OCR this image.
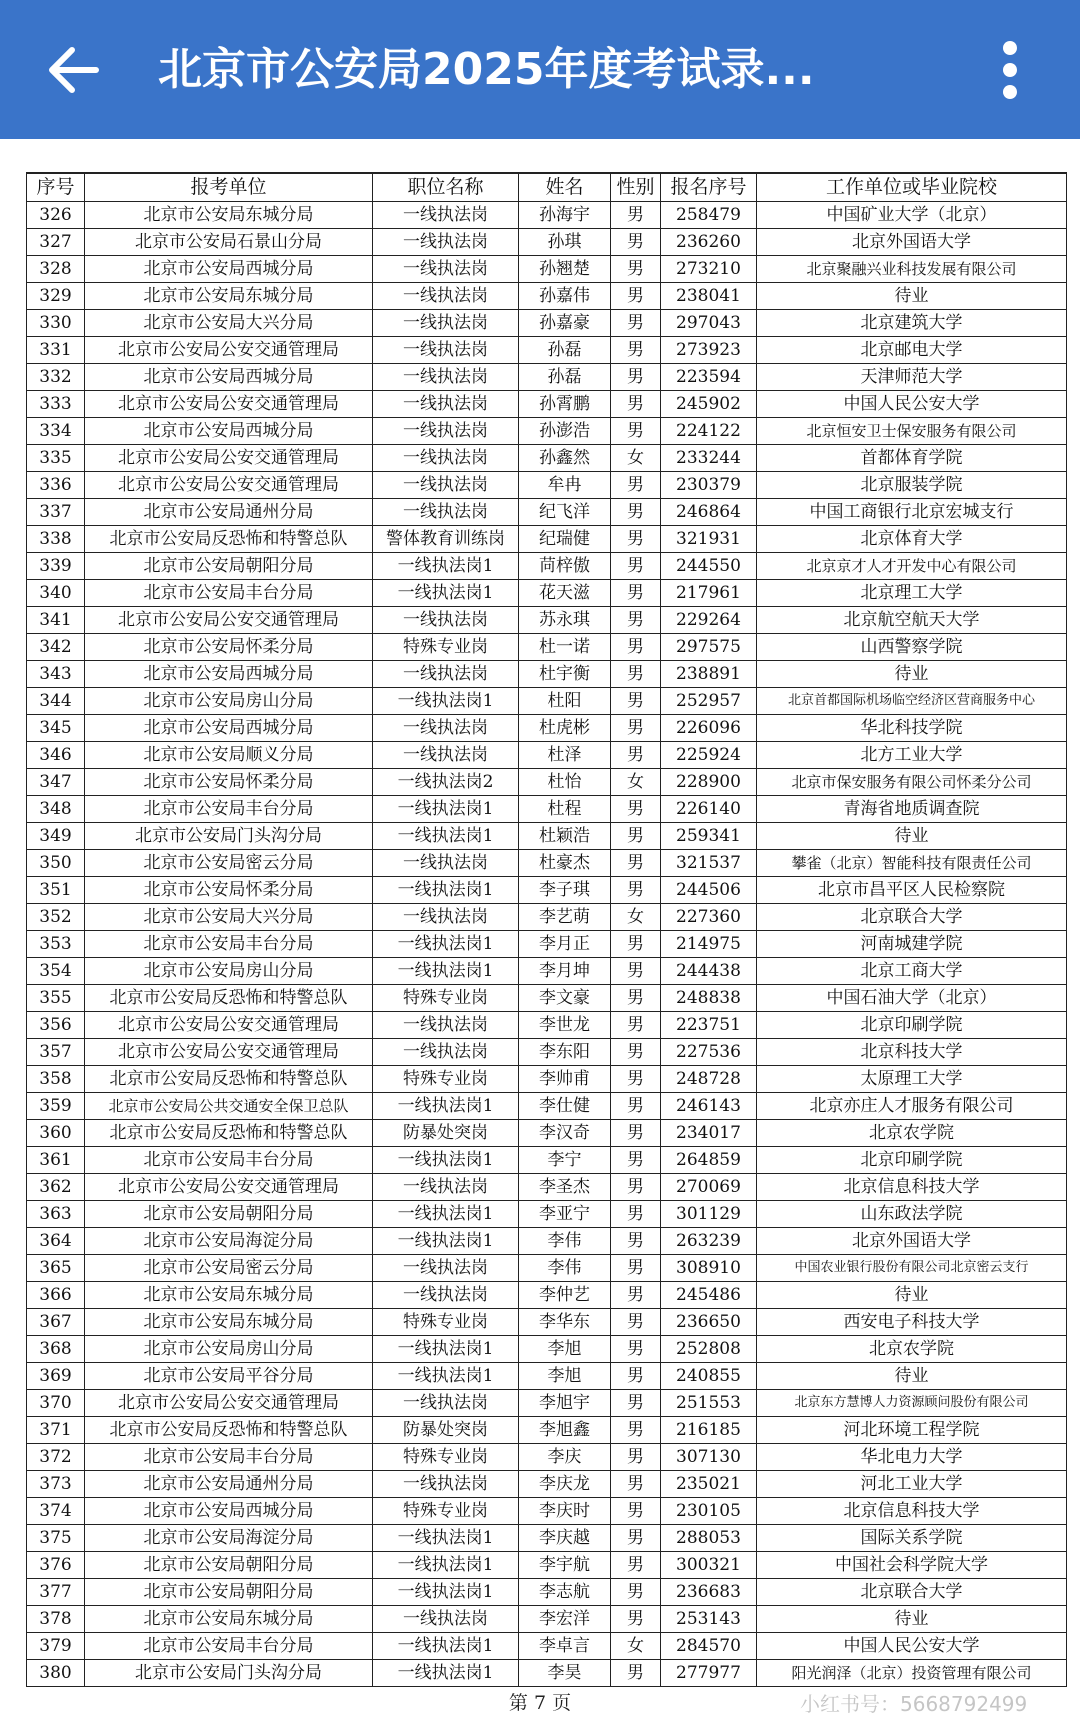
北京市公安局2025年度考试录...
序号	报考单位	职位名称	姓名	性别	报名序号	工作单位或毕业院校
326	北京市公安局东城分局	一线执法岗	孙海宇	男	258479	中国矿业大学（北京）
327	北京市公安局石景山分局	一线执法岗	孙琪	男	236260	北京外国语大学
328	北京市公安局西城分局	一线执法岗	孙翘楚	男	273210	北京聚融兴业科技发展有限公司
329	北京市公安局东城分局	一线执法岗	孙嘉伟	男	238041	待业
330	北京市公安局大兴分局	一线执法岗	孙嘉豪	男	297043	北京建筑大学
331	北京市公安局公安交通管理局	一线执法岗	孙磊	男	273923	北京邮电大学
332	北京市公安局西城分局	一线执法岗	孙磊	男	223594	天津师范大学
333	北京市公安局公安交通管理局	一线执法岗	孙霄鹏	男	245902	中国人民公安大学
334	北京市公安局西城分局	一线执法岗	孙澎浩	男	224122	北京恒安卫士保安服务有限公司
335	北京市公安局公安交通管理局	一线执法岗	孙鑫然	女	233244	首都体育学院
336	北京市公安局公安交通管理局	一线执法岗	牟冉	男	230379	北京服装学院
337	北京市公安局通州分局	一线执法岗	纪飞洋	男	246864	中国工商银行北京宏城支行
338	北京市公安局反恐怖和特警总队	警体教育训练岗	纪瑞健	男	321931	北京体育大学
339	北京市公安局朝阳分局	一线执法岗1	苘梓傲	男	244550	北京京才人才开发中心有限公司
340	北京市公安局丰台分局	一线执法岗1	花天滋	男	217961	北京理工大学
341	北京市公安局公安交通管理局	一线执法岗	苏永琪	男	229264	北京航空航天大学
342	北京市公安局怀柔分局	特殊专业岗	杜一诺	男	297575	山西警察学院
343	北京市公安局西城分局	一线执法岗	杜宇衡	男	238891	待业
344	北京市公安局房山分局	一线执法岗1	杜阳	男	252957	北京首都国际机场临空经济区营商服务中心
345	北京市公安局西城分局	一线执法岗	杜虎彬	男	226096	华北科技学院
346	北京市公安局顺义分局	一线执法岗	杜泽	男	225924	北方工业大学
347	北京市公安局怀柔分局	一线执法岗2	杜怡	女	228900	北京市保安服务有限公司怀柔分公司
348	北京市公安局丰台分局	一线执法岗1	杜程	男	226140	青海省地质调查院
349	北京市公安局门头沟分局	一线执法岗1	杜颖浩	男	259341	待业
350	北京市公安局密云分局	一线执法岗	杜豪杰	男	321537	攀雀（北京）智能科技有限责任公司
351	北京市公安局怀柔分局	一线执法岗1	李子琪	男	244506	北京市昌平区人民检察院
352	北京市公安局大兴分局	一线执法岗	李艺萌	女	227360	北京联合大学
353	北京市公安局丰台分局	一线执法岗1	李月正	男	214975	河南城建学院
354	北京市公安局房山分局	一线执法岗1	李月坤	男	244438	北京工商大学
355	北京市公安局反恐怖和特警总队	特殊专业岗	李文豪	男	248838	中国石油大学（北京）
356	北京市公安局公安交通管理局	一线执法岗	李世龙	男	223751	北京印刷学院
357	北京市公安局公安交通管理局	一线执法岗	李东阳	男	227536	北京科技大学
358	北京市公安局反恐怖和特警总队	特殊专业岗	李帅甫	男	248728	太原理工大学
359	北京市公安局公共交通安全保卫总队	一线执法岗1	李仕健	男	246143	北京亦庄人才服务有限公司
360	北京市公安局反恐怖和特警总队	防暴处突岗	李汉奇	男	234017	北京农学院
361	北京市公安局丰台分局	一线执法岗1	李宁	男	264859	北京印刷学院
362	北京市公安局公安交通管理局	一线执法岗	李圣杰	男	270069	北京信息科技大学
363	北京市公安局朝阳分局	一线执法岗1	李亚宁	男	301129	山东政法学院
364	北京市公安局海淀分局	一线执法岗1	李伟	男	263239	北京外国语大学
365	北京市公安局密云分局	一线执法岗	李伟	男	308910	中国农业银行股份有限公司北京密云支行
366	北京市公安局东城分局	一线执法岗	李仲艺	男	245486	待业
367	北京市公安局东城分局	特殊专业岗	李华东	男	236650	西安电子科技大学
368	北京市公安局房山分局	一线执法岗1	李旭	男	252808	北京农学院
369	北京市公安局平谷分局	一线执法岗1	李旭	男	240855	待业
370	北京市公安局公安交通管理局	一线执法岗	李旭宇	男	251553	北京东方慧博人力资源顾问股份有限公司
371	北京市公安局反恐怖和特警总队	防暴处突岗	李旭鑫	男	216185	河北环境工程学院
372	北京市公安局丰台分局	特殊专业岗	李庆	男	307130	华北电力大学
373	北京市公安局通州分局	一线执法岗	李庆龙	男	235021	河北工业大学
374	北京市公安局西城分局	特殊专业岗	李庆时	男	230105	北京信息科技大学
375	北京市公安局海淀分局	一线执法岗1	李庆越	男	288053	国际关系学院
376	北京市公安局朝阳分局	一线执法岗1	李宇航	男	300321	中国社会科学院大学
377	北京市公安局朝阳分局	一线执法岗1	李志航	男	236683	北京联合大学
378	北京市公安局东城分局	一线执法岗	李宏洋	男	253143	待业
379	北京市公安局丰台分局	一线执法岗1	李卓言	女	284570	中国人民公安大学
380	北京市公安局门头沟分局	一线执法岗1	李昊	男	277977	阳光润泽（北京）投资管理有限公司
第 7 页	小红书号：5668792499
